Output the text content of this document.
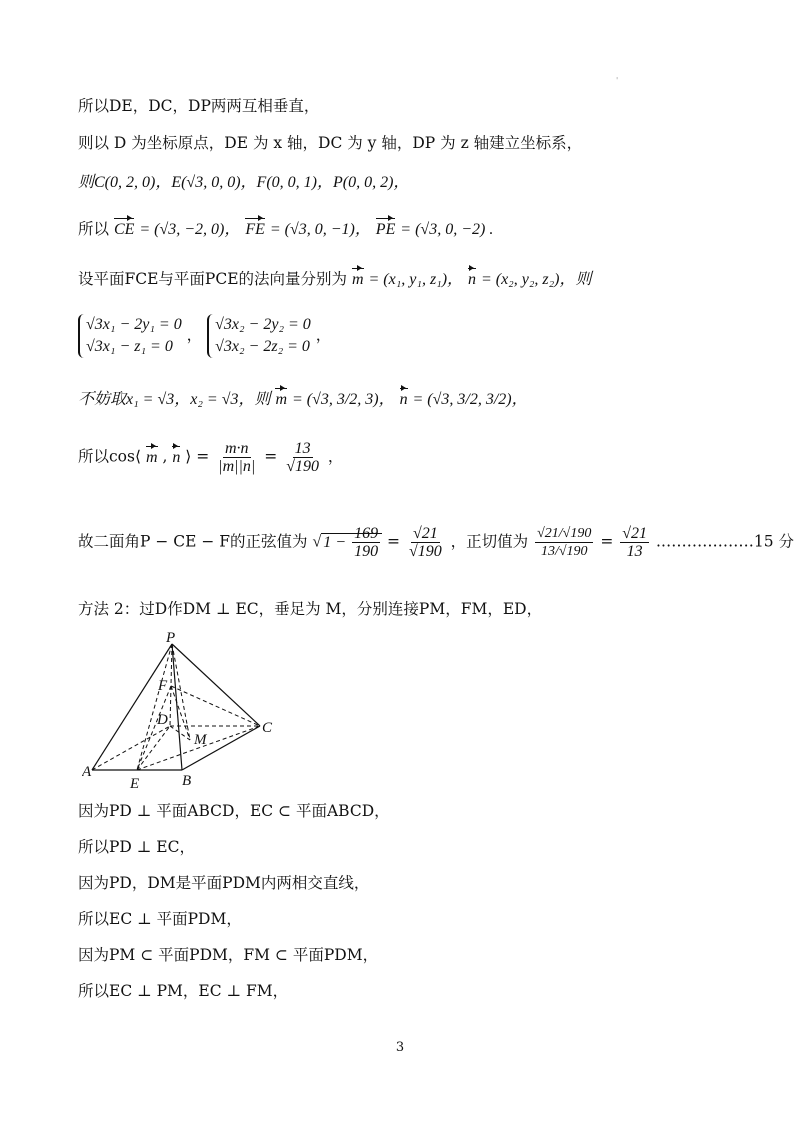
'
所以DE，DC，DP两两互相垂直，
则以 D 为坐标原点，DE 为 x 轴，DC 为 y 轴，DP 为 z 轴建立坐标系，
则C(0, 2, 0)，E(√3, 0, 0)，F(0, 0, 1)，P(0, 0, 2)，
所以 CE = (√3, −2, 0)， FE = (√3, 0, −1)， PE = (√3, 0, −2) .
设平面FCE与平面PCE的法向量分别为 m = (x₁, y₁, z₁)， n = (x₂, y₂, z₂)，则
√3x₁ − 2y₁ = 0
√3x₁ − z₁ = 0 ， √3x₂ − 2y₂ = 0
√3x₂ − 2z₂ = 0 ，
不妨取x₁ = √3，x₂ = √3，则 m = (√3, 3/2, 3)， n = (√3, 3/2, 3/2)，
所以cos⟨ m , n ⟩ = $\frac{m\cdot n}{|m||n|} = \frac{13}{√190}$ ，
故二面角P − CE − F的正弦值为 √ $1 - \frac{169}{190} = \frac{√21}{√190}$ ，正切值为 $\frac{√21/√190}{13/√190} = \frac{√21}{13}$ .………………15 分
方法 2：过D作DM ⊥ EC，垂足为 M，分别连接PM，FM，ED，
P
F
D	C
M
A
E	B
因为PD ⊥ 平面ABCD，EC ⊂ 平面ABCD，
所以PD ⊥ EC，
因为PD，DM是平面PDM内两相交直线，
所以EC ⊥ 平面PDM，
因为PM ⊂ 平面PDM，FM ⊂ 平面PDM，
所以EC ⊥ PM，EC ⊥ FM，
3
